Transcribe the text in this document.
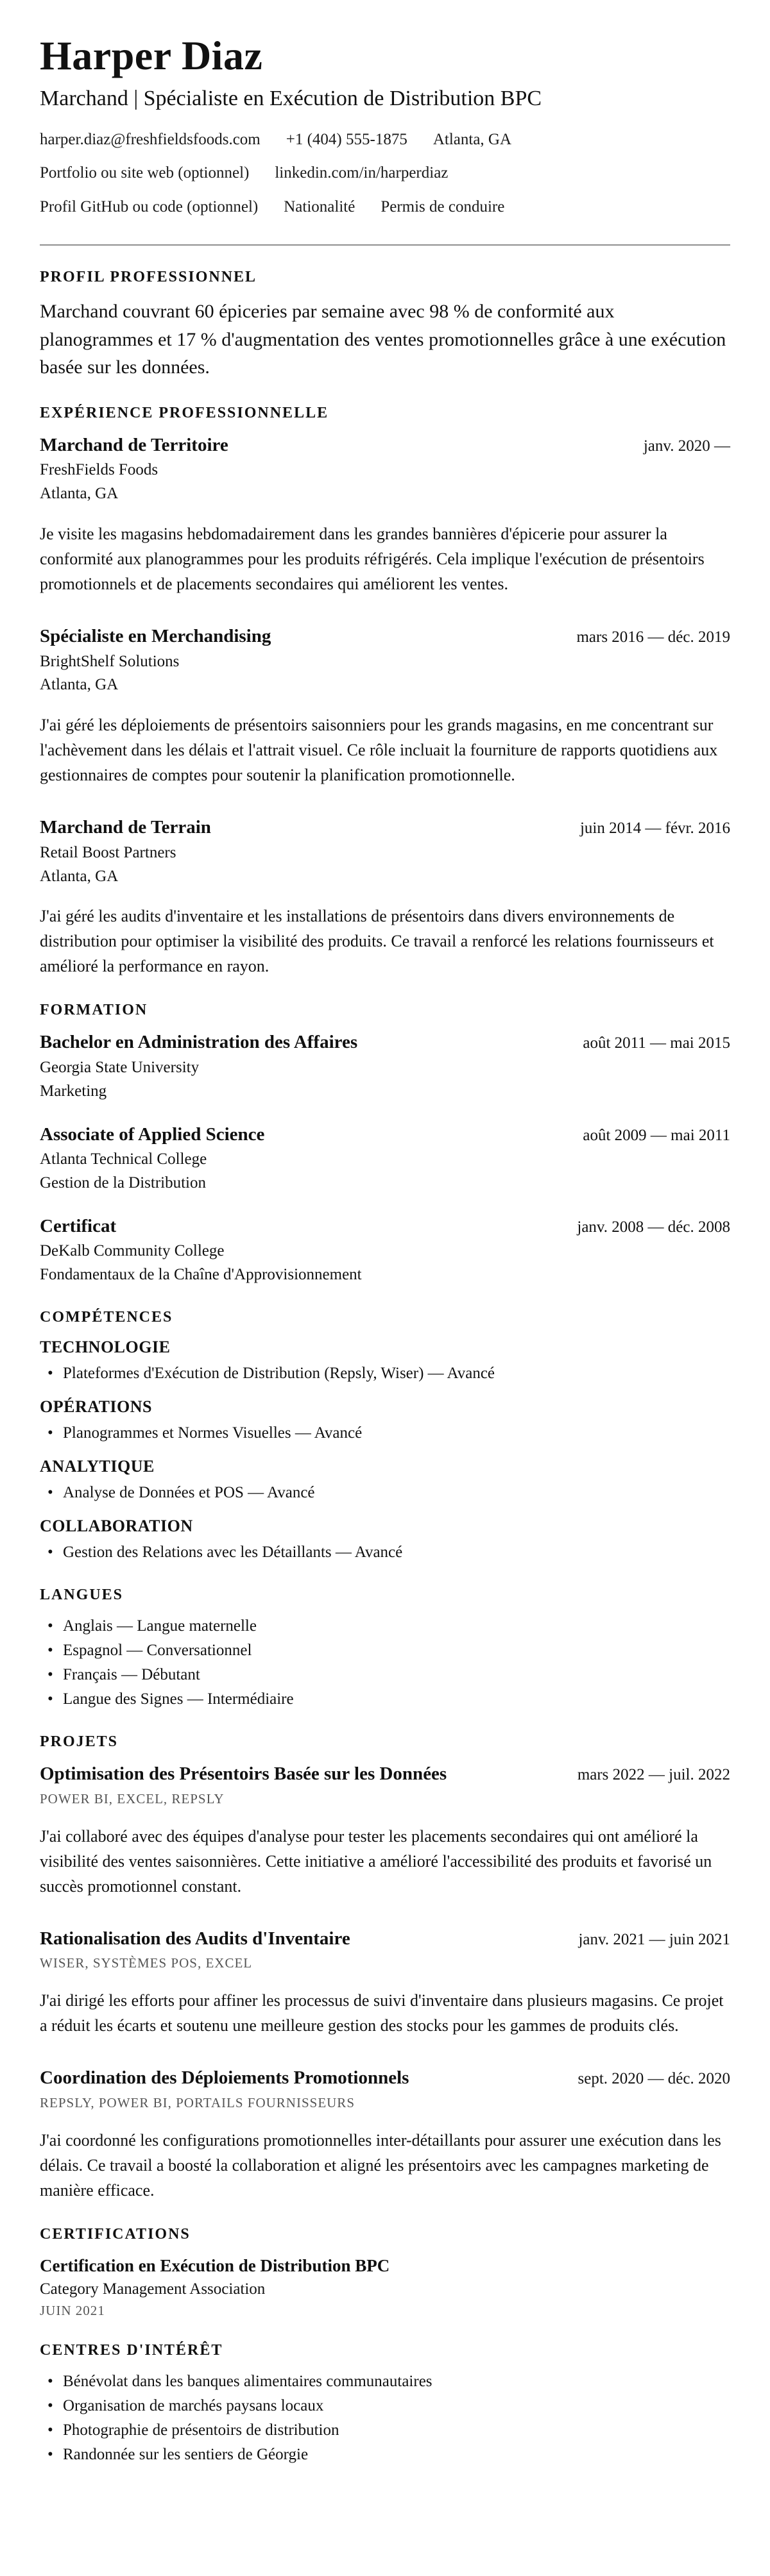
Harper Diaz
Marchand | Spécialiste en Exécution de Distribution BPC
harper.diaz@freshfieldsfoods.com +1 (404) 555-1875 Atlanta, GA
Portfolio ou site web (optionnel) linkedin.com/in/harperdiaz
Profil GitHub ou code (optionnel) Nationalité Permis de conduire
PROFIL PROFESSIONNEL

Marchand couvrant 60 épiceries par semaine avec 98 % de conformité aux planogrammes et 17 % d'augmentation des ventes promotionnelles grâce à une exécution basée sur les données.

EXPÉRIENCE PROFESSIONNELLE
Marchand de Territoire	janv. 2020 —
FreshFields Foods
Atlanta, GA

Je visite les magasins hebdomadairement dans les grandes bannières d'épicerie pour assurer la conformité aux planogrammes pour les produits réfrigérés. Cela implique l'exécution de présentoirs promotionnels et de placements secondaires qui améliorent les ventes.

Spécialiste en Merchandising	mars 2016 — déc. 2019
BrightShelf Solutions
Atlanta, GA

J'ai géré les déploiements de présentoirs saisonniers pour les grands magasins, en me concentrant sur l'achèvement dans les délais et l'attrait visuel. Ce rôle incluait la fourniture de rapports quotidiens aux gestionnaires de comptes pour soutenir la planification promotionnelle.

Marchand de Terrain	juin 2014 — févr. 2016
Retail Boost Partners
Atlanta, GA

J'ai géré les audits d'inventaire et les installations de présentoirs dans divers environnements de distribution pour optimiser la visibilité des produits. Ce travail a renforcé les relations fournisseurs et amélioré la performance en rayon.

FORMATION
Bachelor en Administration des Affaires	août 2011 — mai 2015
Georgia State University
Marketing
Associate of Applied Science	août 2009 — mai 2011
Atlanta Technical College
Gestion de la Distribution
Certificat	janv. 2008 — déc. 2008
DeKalb Community College
Fondamentaux de la Chaîne d'Approvisionnement
COMPÉTENCES
TECHNOLOGIE
• Plateformes d'Exécution de Distribution (Repsly, Wiser) — Avancé
OPÉRATIONS
• Planogrammes et Normes Visuelles — Avancé
ANALYTIQUE
• Analyse de Données et POS — Avancé
COLLABORATION
• Gestion des Relations avec les Détaillants — Avancé
LANGUES
• Anglais — Langue maternelle
• Espagnol — Conversationnel
• Français — Débutant
• Langue des Signes — Intermédiaire
PROJETS
Optimisation des Présentoirs Basée sur les Données	mars 2022 — juil. 2022
POWER BI, EXCEL, REPSLY

J'ai collaboré avec des équipes d'analyse pour tester les placements secondaires qui ont amélioré la visibilité des ventes saisonnières. Cette initiative a amélioré l'accessibilité des produits et favorisé un succès promotionnel constant.

Rationalisation des Audits d'Inventaire	janv. 2021 — juin 2021
WISER, SYSTÈMES POS, EXCEL

J'ai dirigé les efforts pour affiner les processus de suivi d'inventaire dans plusieurs magasins. Ce projet a réduit les écarts et soutenu une meilleure gestion des stocks pour les gammes de produits clés.

Coordination des Déploiements Promotionnels	sept. 2020 — déc. 2020
REPSLY, POWER BI, PORTAILS FOURNISSEURS

J'ai coordonné les configurations promotionnelles inter-détaillants pour assurer une exécution dans les délais. Ce travail a boosté la collaboration et aligné les présentoirs avec les campagnes marketing de manière efficace.

CERTIFICATIONS
Certification en Exécution de Distribution BPC
Category Management Association
JUIN 2021
CENTRES D'INTÉRÊT
• Bénévolat dans les banques alimentaires communautaires
• Organisation de marchés paysans locaux
• Photographie de présentoirs de distribution
• Randonnée sur les sentiers de Géorgie
